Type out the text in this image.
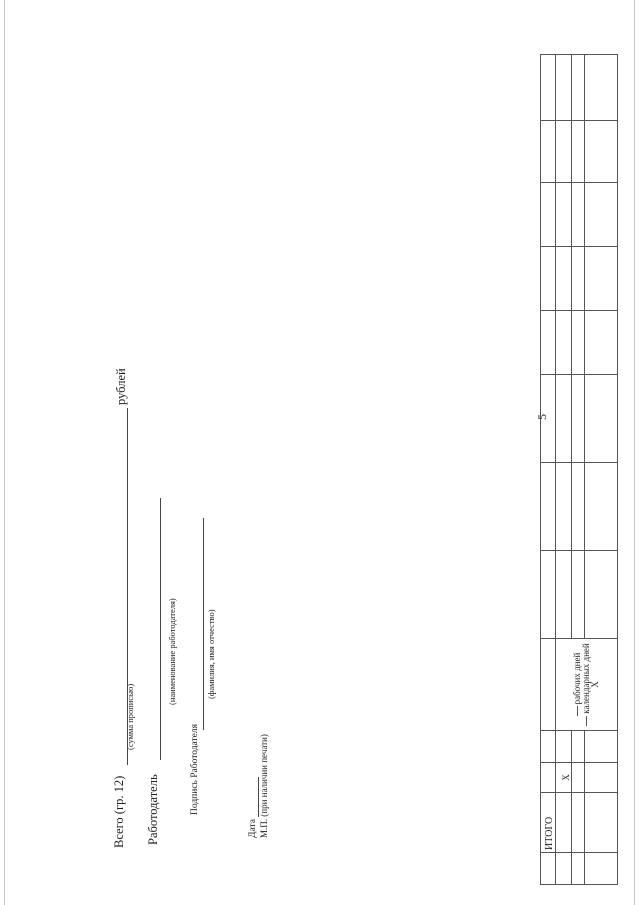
5
	ИТОГО											
		X		рабочих дней календарных дней X								

Всего (гр. 12)
рублей
(сумма прописью)
Работодатель
(наименование работодателя)
Подпись Работодателя
(фамилия, имя отчество)
Дата М.П. (при наличии печати)
